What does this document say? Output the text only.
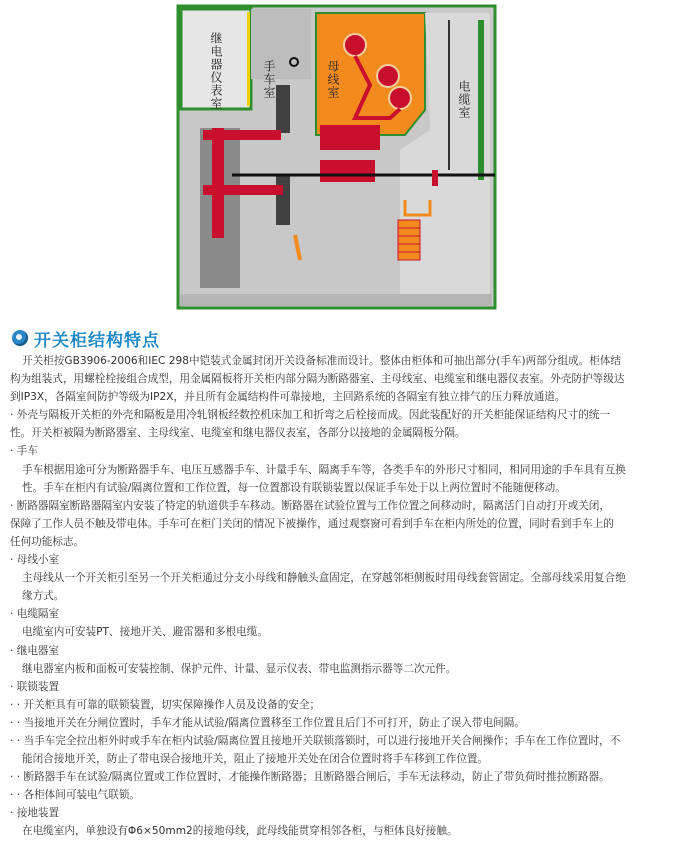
继电器仪表室	手车室	母线室
电缆室
开关柜结构特点

开关柜按GB3906-2006和IEC 298中铠装式金属封闭开关设备标准而设计。整体由柜体和可抽出部分(手车)两部分组成。柜体结

构为组装式，用螺栓栓接组合成型，用金属隔板将开关柜内部分隔为断路器室、主母线室、电缆室和继电器仪表室。外壳防护等级达

到IP3X，各隔室间防护等级为IP2X，并且所有金属结构件可靠接地，主回路系统的各隔室有独立排气的压力释放通道。

· 外壳与隔板开关柜的外壳和隔板是用冷轧钢板经数控机床加工和折弯之后栓接而成。因此装配好的开关柜能保证结构尺寸的统一

性。开关柜被隔为断路器室、主母线室、电缆室和继电器仪表室，各部分以接地的金属隔板分隔。

· 手车

手车根据用途可分为断路器手车、电压互感器手车、计量手车、隔离手车等，各类手车的外形尺寸相同，相同用途的手车具有互换

性。手车在柜内有试验/隔离位置和工作位置，每一位置都设有联锁装置以保证手车处于以上两位置时不能随便移动。

· 断路器隔室断路器隔室内安装了特定的轨道供手车移动。断路器在试验位置与工作位置之间移动时，隔离活门自动打开或关闭，

保障了工作人员不触及带电体。手车可在柜门关闭的情况下被操作，通过观察窗可看到手车在柜内所处的位置，同时看到手车上的

任何功能标志。

· 母线小室

主母线从一个开关柜引至另一个开关柜通过分支小母线和静触头盒固定，在穿越邻柜侧板时用母线套管固定。全部母线采用复合绝

缘方式。

· 电缆隔室

电缆室内可安装PT、接地开关、避雷器和多根电缆。

· 继电器室

继电器室内板和面板可安装控制、保护元件、计量、显示仪表、带电监测指示器等二次元件。

· 联锁装置

· · 开关柜具有可靠的联锁装置，切实保障操作人员及设备的安全；

· · 当接地开关在分闸位置时，手车才能从试验/隔离位置移至工作位置且后门不可打开，防止了误入带电间隔。

· · 当手车完全拉出柜外时或手车在柜内试验/隔离位置且接地开关联锁落锁时，可以进行接地开关合闸操作；手车在工作位置时，不

能闭合接地开关，防止了带电误合接地开关，阻止了接地开关处在闭合位置时将手车移到工作位置。

· · 断路器手车在试验/隔离位置或工作位置时，才能操作断路器；且断路器合闸后，手车无法移动，防止了带负荷时推拉断路器。

· · 各柜体间可装电气联锁。

· 接地装置

在电缆室内，单独设有Φ6×50mm2的接地母线，此母线能贯穿相邻各柜，与柜体良好接触。
